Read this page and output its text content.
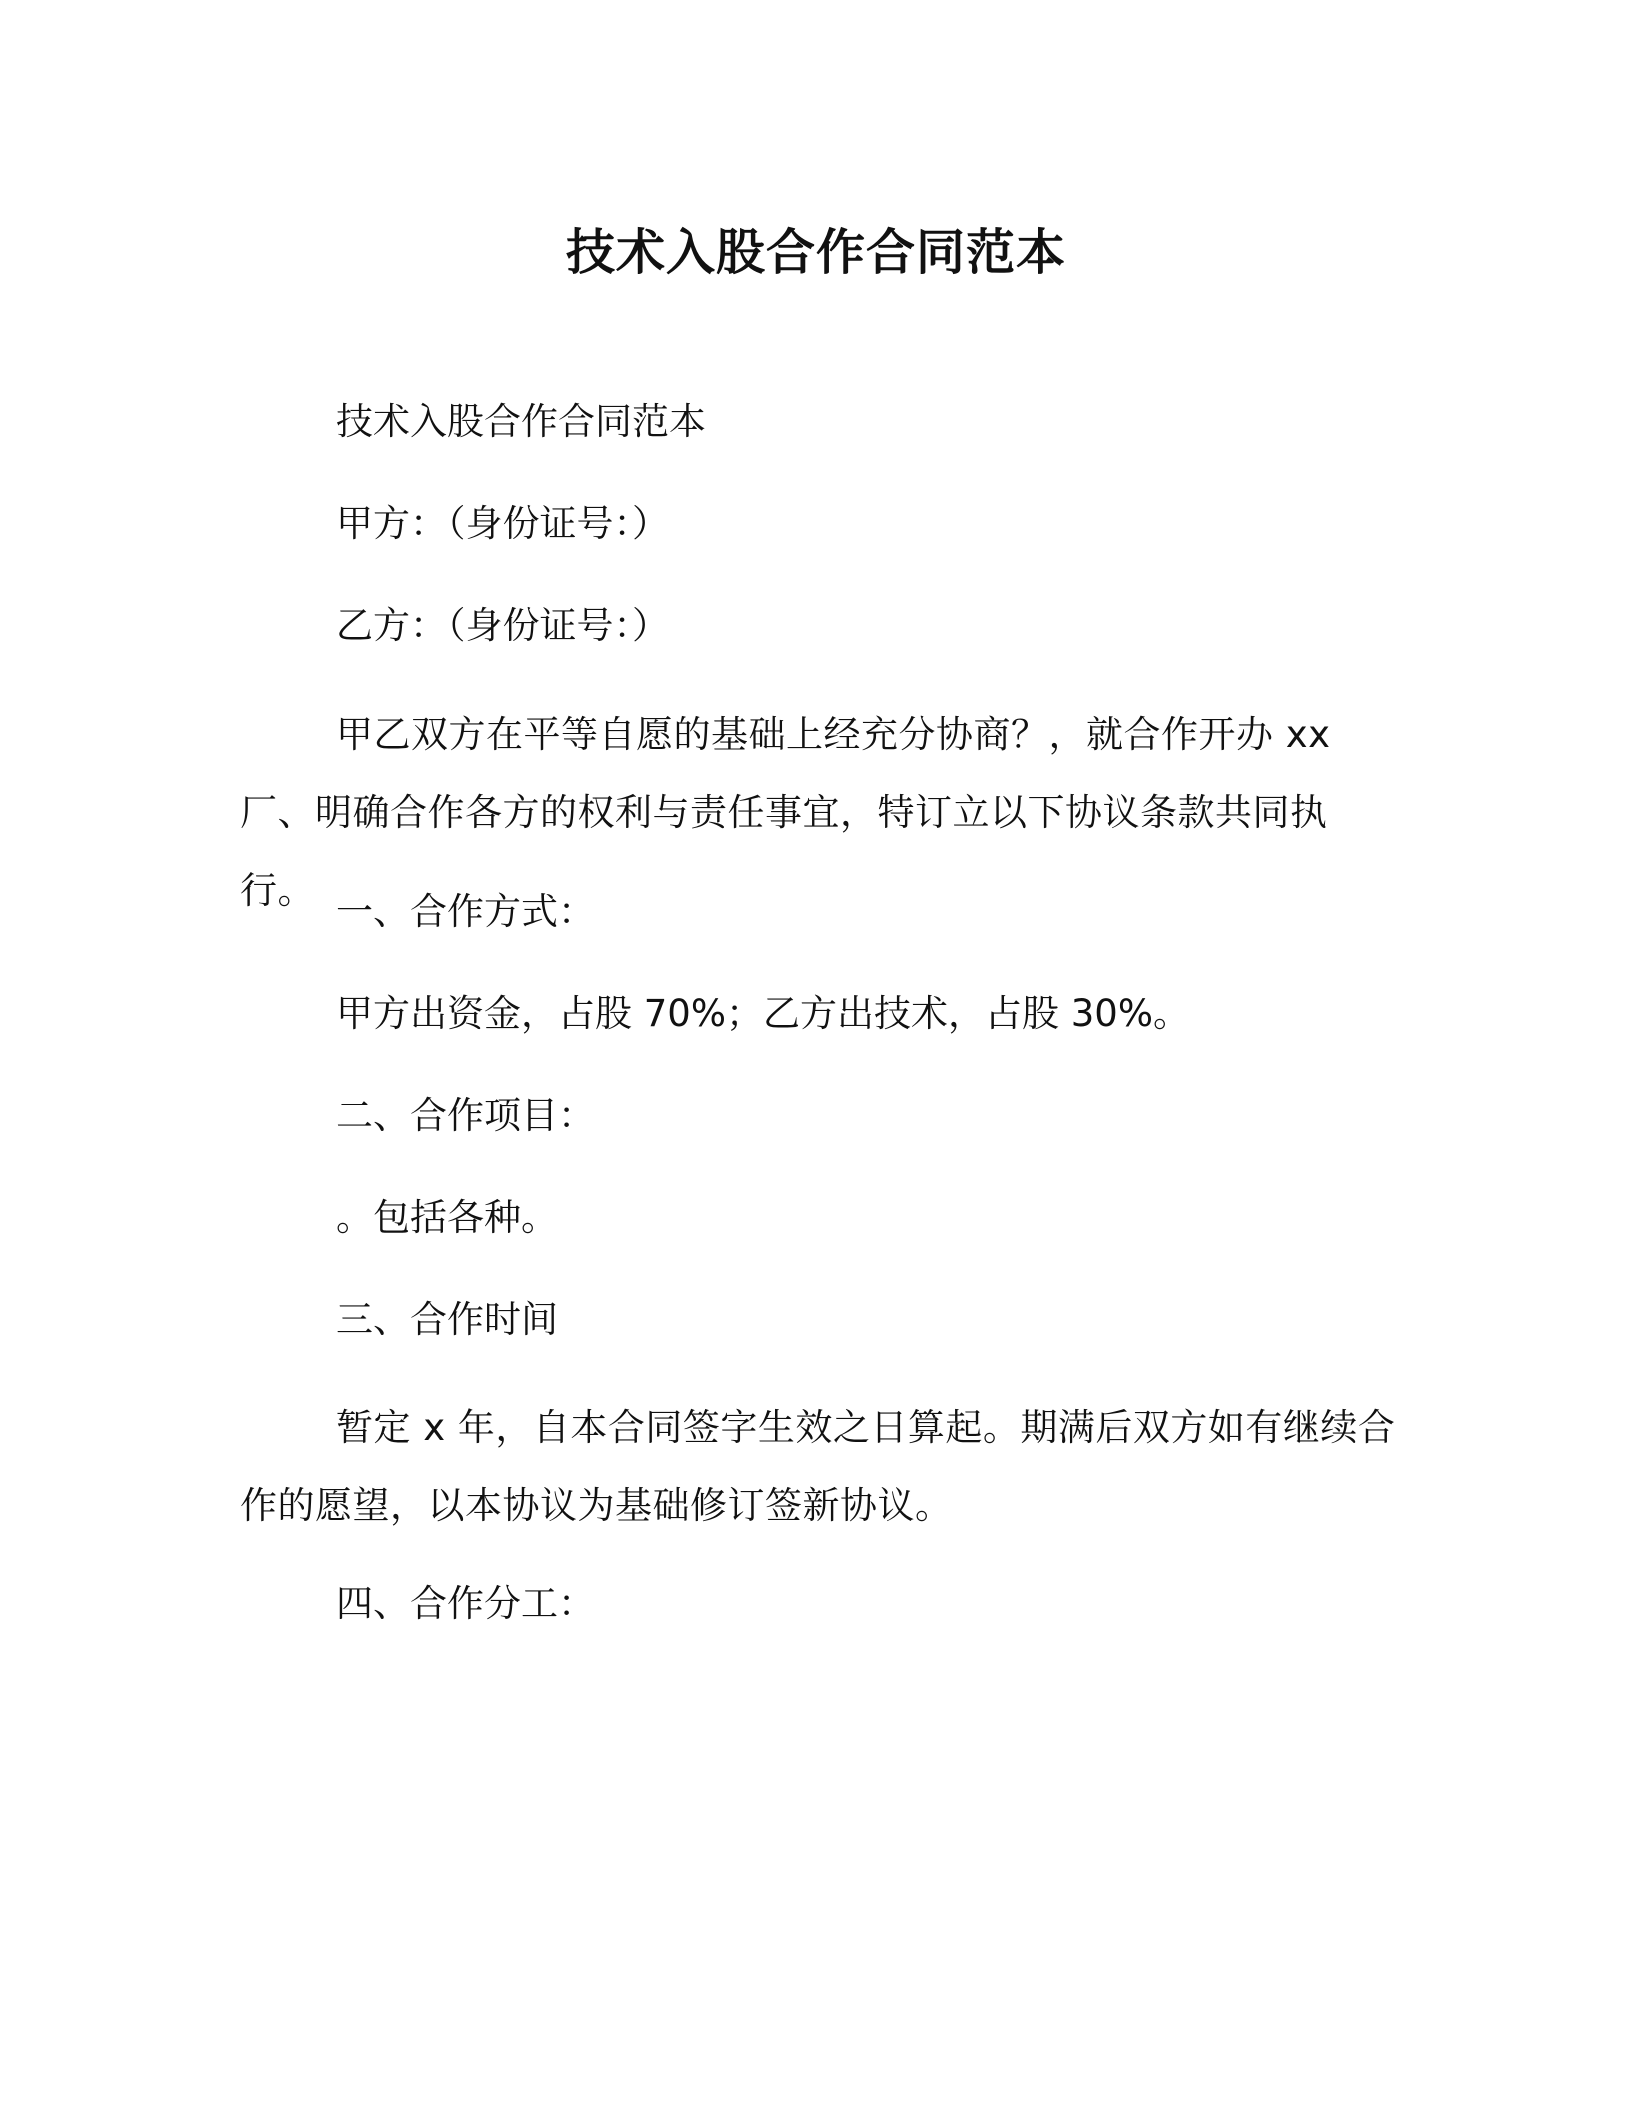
技术入股合作合同范本
技术入股合作合同范本
甲方：（身份证号：）
乙方：（身份证号：）
甲乙双方在平等自愿的基础上经充分协商？，就合作开办 xx 厂、明确合作各方的权利与责任事宜，特订立以下协议条款共同执行。 一、合作方式：
甲方出资金，占股 70%；乙方出技术，占股 30%。
二、合作项目：
。包括各种。
三、合作时间
暂定 x 年，自本合同签字生效之日算起。期满后双方如有继续合作的愿望，以本协议为基础修订签新协议。
四、合作分工：
